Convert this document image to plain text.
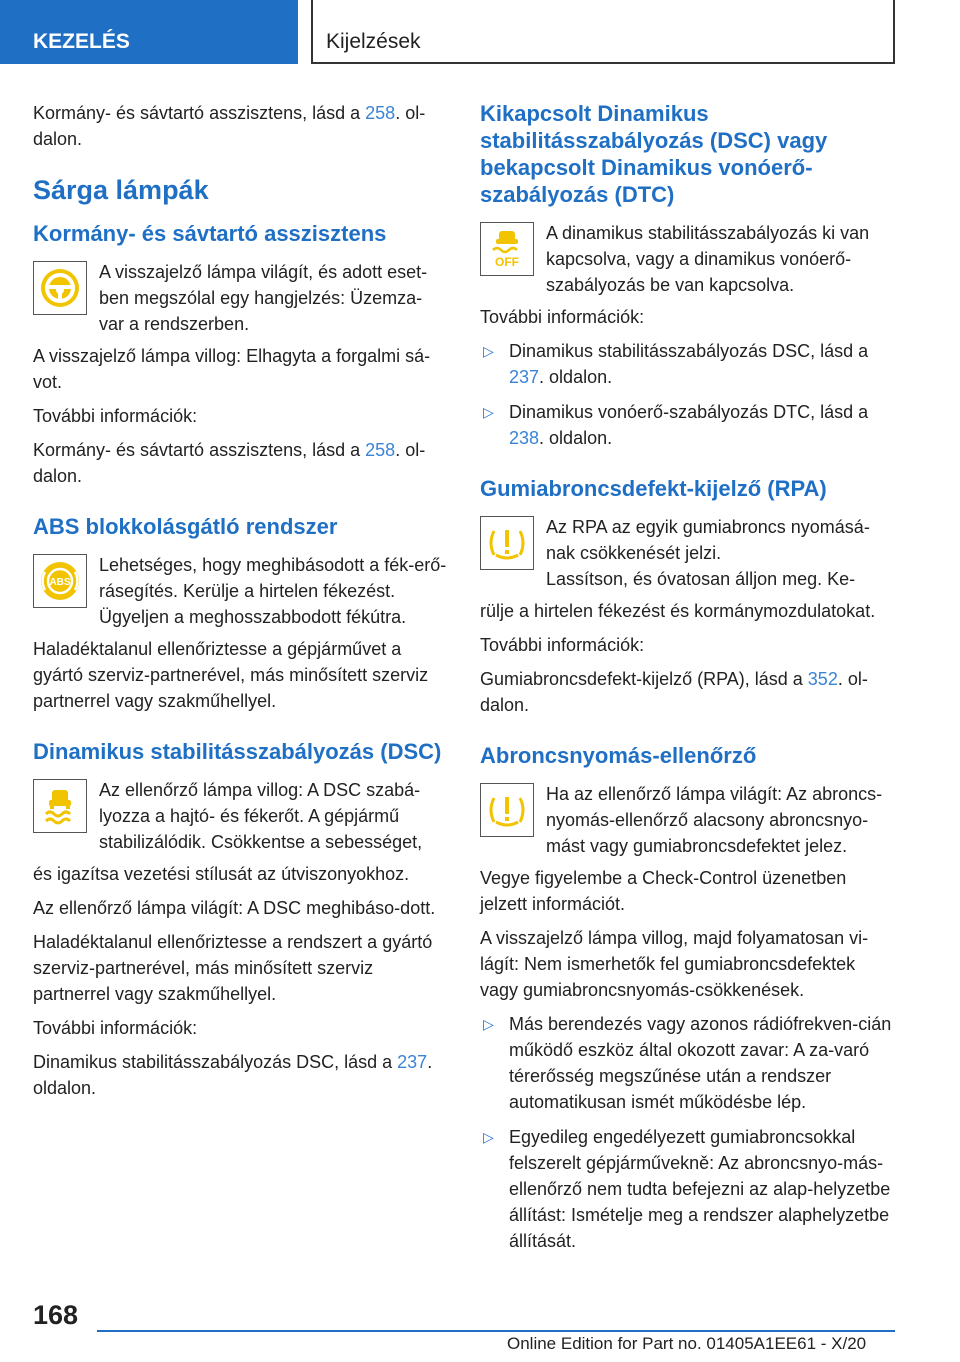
KEZELÉS	Kijelzések

Kormány- és sávtartó asszisztens, lásd a 258. ol-dalon.

Sárga lámpák
Kormány- és sávtartó asszisztens

A visszajelző lámpa világít, és adott eset-ben megszólal egy hangjelzés: Üzemza-var a rendszerben.

A visszajelző lámpa villog: Elhagyta a forgalmi sá-vot.

További információk:

Kormány- és sávtartó asszisztens, lásd a 258. ol-dalon.

ABS blokkolásgátló rendszer
ABS

Lehetséges, hogy meghibásodott a fék-erő-rásegítés. Kerülje a hirtelen fékezést. Ügyeljen a meghosszabbodott fékútra.

Haladéktalanul ellenőriztesse a gépjárművet a gyártó szerviz-partnerével, más minősített szerviz partnerrel vagy szakműhellyel.

Dinamikus stabilitásszabályozás (DSC)

Az ellenőrző lámpa villog: A DSC szabá-lyozza a hajtó- és fékerőt. A gépjármű stabilizálódik. Csökkentse a sebességet,

és igazítsa vezetési stílusát az útviszonyokhoz.

Az ellenőrző lámpa világít: A DSC meghibáso-dott.

Haladéktalanul ellenőriztesse a rendszert a gyártó szerviz-partnerével, más minősített szerviz partnerrel vagy szakműhellyel.

További információk:

Dinamikus stabilitásszabályozás DSC, lásd a 237. oldalon.

Kikapcsolt Dinamikus stabilitásszabályozás (DSC) vagy bekapcsolt Dinamikus vonóerő-szabályozás (DTC)
OFF

A dinamikus stabilitásszabályozás ki van kapcsolva, vagy a dinamikus vonóerő-szabályozás be van kapcsolva.

További információk:

▷ Dinamikus stabilitásszabályozás DSC, lásd a 237. oldalon.
▷ Dinamikus vonóerő-szabályozás DTC, lásd a 238. oldalon.
Gumiabroncsdefekt-kijelző (RPA)

Az RPA az egyik gumiabroncs nyomásá-nak csökkenését jelzi.

Lassítson, és óvatosan álljon meg. Ke-

rülje a hirtelen fékezést és kormánymozdulatokat.

További információk:

Gumiabroncsdefekt-kijelző (RPA), lásd a 352. ol-dalon.

Abroncsnyomás-ellenőrző

Ha az ellenőrző lámpa világít: Az abroncs-nyomás-ellenőrző alacsony abroncsnyo-mást vagy gumiabroncsdefektet jelez.

Vegye figyelembe a Check-Control üzenetben jelzett információt.

A visszajelző lámpa villog, majd folyamatosan vi-lágít: Nem ismerhetők fel gumiabroncsdefektek vagy gumiabroncsnyomás-csökkenések.

▷ Más berendezés vagy azonos rádiófrekven-cián működő eszköz által okozott zavar: A za-varó térerősség megszűnése után a rendszer automatikusan ismét működésbe lép.
▷ Egyedileg engedélyezett gumiabroncsokkal felszerelt gépjárművekně: Az abroncsnyo-más-ellenőrző nem tudta befejezni az alap-helyzetbe állítást: Ismételje meg a rendszer alaphelyzetbe állítását.
168
Online Edition for Part no. 01405A1EE61 - X/20
